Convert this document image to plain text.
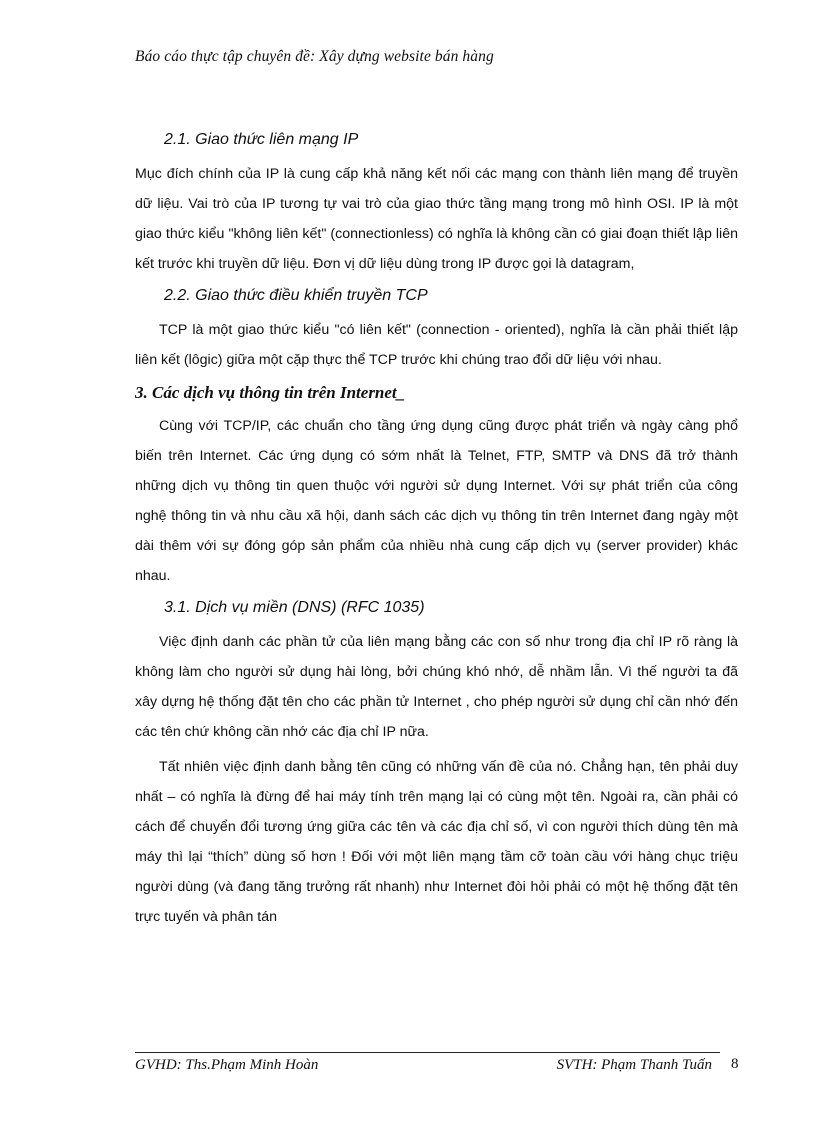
Báo cáo thực tập chuyên đề: Xây dựng website bán hàng
2.1. Giao thức liên mạng IP

Mục đích chính của IP là cung cấp khả năng kết nối các mạng con thành liên mạng để truyền dữ liệu. Vai trò của IP tương tự vai trò của giao thức tầng mạng trong mô hình OSI. IP là một giao thức kiểu "không liên kết" (connectionless) có nghĩa là không cần có giai đoạn thiết lập liên kết trước khi truyền dữ liệu. Đơn vị dữ liệu dùng trong IP được gọi là datagram,

2.2. Giao thức điều khiển truyền TCP

TCP là một giao thức kiểu "có liên kết" (connection - oriented), nghĩa là cần phải thiết lập liên kết (lôgic) giữa một cặp thực thể TCP trước khi chúng trao đổi dữ liệu với nhau.

3. Các dịch vụ thông tin trên Internet_

Cùng với TCP/IP, các chuẩn cho tầng ứng dụng cũng được phát triển và ngày càng phổ biến trên Internet. Các ứng dụng có sớm nhất là Telnet, FTP, SMTP và DNS đã trở thành những dịch vụ thông tin quen thuộc với người sử dụng Internet. Với sự phát triển của công nghệ thông tin và nhu cầu xã hội, danh sách các dịch vụ thông tin trên Internet đang ngày một dài thêm với sự đóng góp sản phẩm của nhiều nhà cung cấp dịch vụ (server provider) khác nhau.

3.1. Dịch vụ miền (DNS) (RFC 1035)

Việc định danh các phần tử của liên mạng bằng các con số như trong địa chỉ IP rõ ràng là không làm cho người sử dụng hài lòng, bởi chúng khó nhớ, dễ nhầm lẫn. Vì thế người ta đã xây dựng hệ thống đặt tên cho các phần tử Internet , cho phép người sử dụng chỉ cần nhớ đến các tên chứ không cần nhớ các địa chỉ IP nữa.

Tất nhiên việc định danh bằng tên cũng có những vấn đề của nó. Chẳng hạn, tên phải duy nhất – có nghĩa là đừng để hai máy tính trên mạng lại có cùng một tên. Ngoài ra, cần phải có cách để chuyển đổi tương ứng giữa các tên và các địa chỉ số, vì con người thích dùng tên mà máy thì lại “thích” dùng số hơn ! Đối với một liên mạng tầm cỡ toàn cầu với hàng chục triệu người dùng (và đang tăng trưởng rất nhanh) như Internet đòi hỏi phải có một hệ thống đặt tên trực tuyến và phân tán

GVHD: Ths.Phạm Minh Hoàn	SVTH: Phạm Thanh Tuấn 8
